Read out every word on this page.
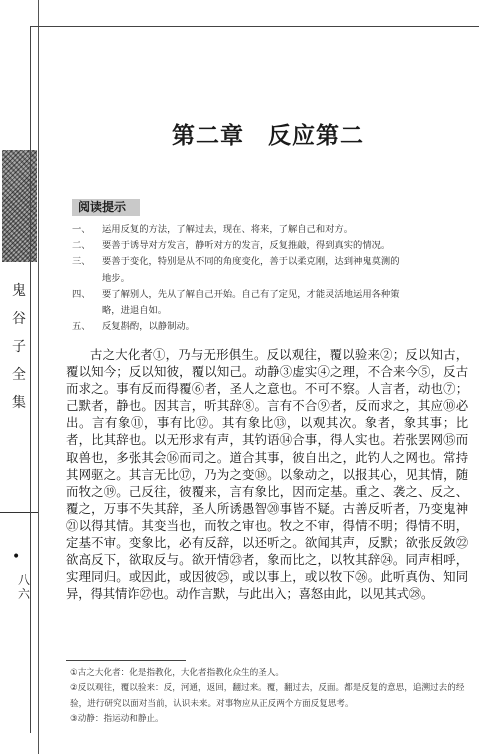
鬼
谷
子
全
集
•
八六
第二章　反应第二
阅读提示
一、	运用反复的方法，了解过去，现在、将来，了解自己和对方。
二、	要善于诱导对方发言，静听对方的发言，反复推敲，得到真实的情况。
三、	要善于变化，特别是从不同的角度变化，善于以柔克刚，达到神鬼莫测的
地步。
四、	要了解别人，先从了解自己开始。自己有了定见，才能灵活地运用各种策
略，进退自如。
五、	反复斟酌，以静制动。

古之大化者①，乃与无形俱生。反以观往，覆以验来②；反以知古，覆以知今；反以知彼，覆以知己。动静③虚实④之理，不合来今⑤，反古而求之。事有反而得覆⑥者，圣人之意也。不可不察。人言者，动也⑦；己默者，静也。因其言，听其辞⑧。言有不合⑨者，反而求之，其应⑩必出。言有象⑪，事有比⑫。其有象比⑬，以观其次。象者，象其事；比者，比其辞也。以无形求有声，其钓语⑭合事，得人实也。若张罢网⑮而取兽也，多张其会⑯而司之。道合其事，彼自出之，此钓人之网也。常持其网驱之。其言无比⑰，乃为之变⑱。以象动之，以报其心，见其情，随而牧之⑲。己反往，彼覆来，言有象比，因而定基。重之、袭之、反之、覆之，万事不失其辞，圣人所诱愚智⑳事皆不疑。古善反听者，乃变鬼神㉑以得其情。其变当也，而牧之审也。牧之不审，得情不明；得情不明，定基不审。变象比，必有反辞，以还听之。欲闻其声，反默；欲张反敛㉒欲高反下，欲取反与。欲开情㉓者，象而比之，以牧其辞㉔。同声相呼，实理同归。或因此，或因彼㉕，或以事上，或以牧下㉖。此听真伪、知同异，得其情诈㉗也。动作言默，与此出入；喜怒由此，以见其式㉘。

①古之大化者：化是指教化，大化者指教化众生的圣人。

②反以观往，覆以验来：反，河通，返回，翻过来。覆，翻过去，反面。都是反复的意思，追溯过去的经验，进行研究以面对当前，认识未来。对事物应从正反两个方面反复思考。

③动静：指运动和静止。
